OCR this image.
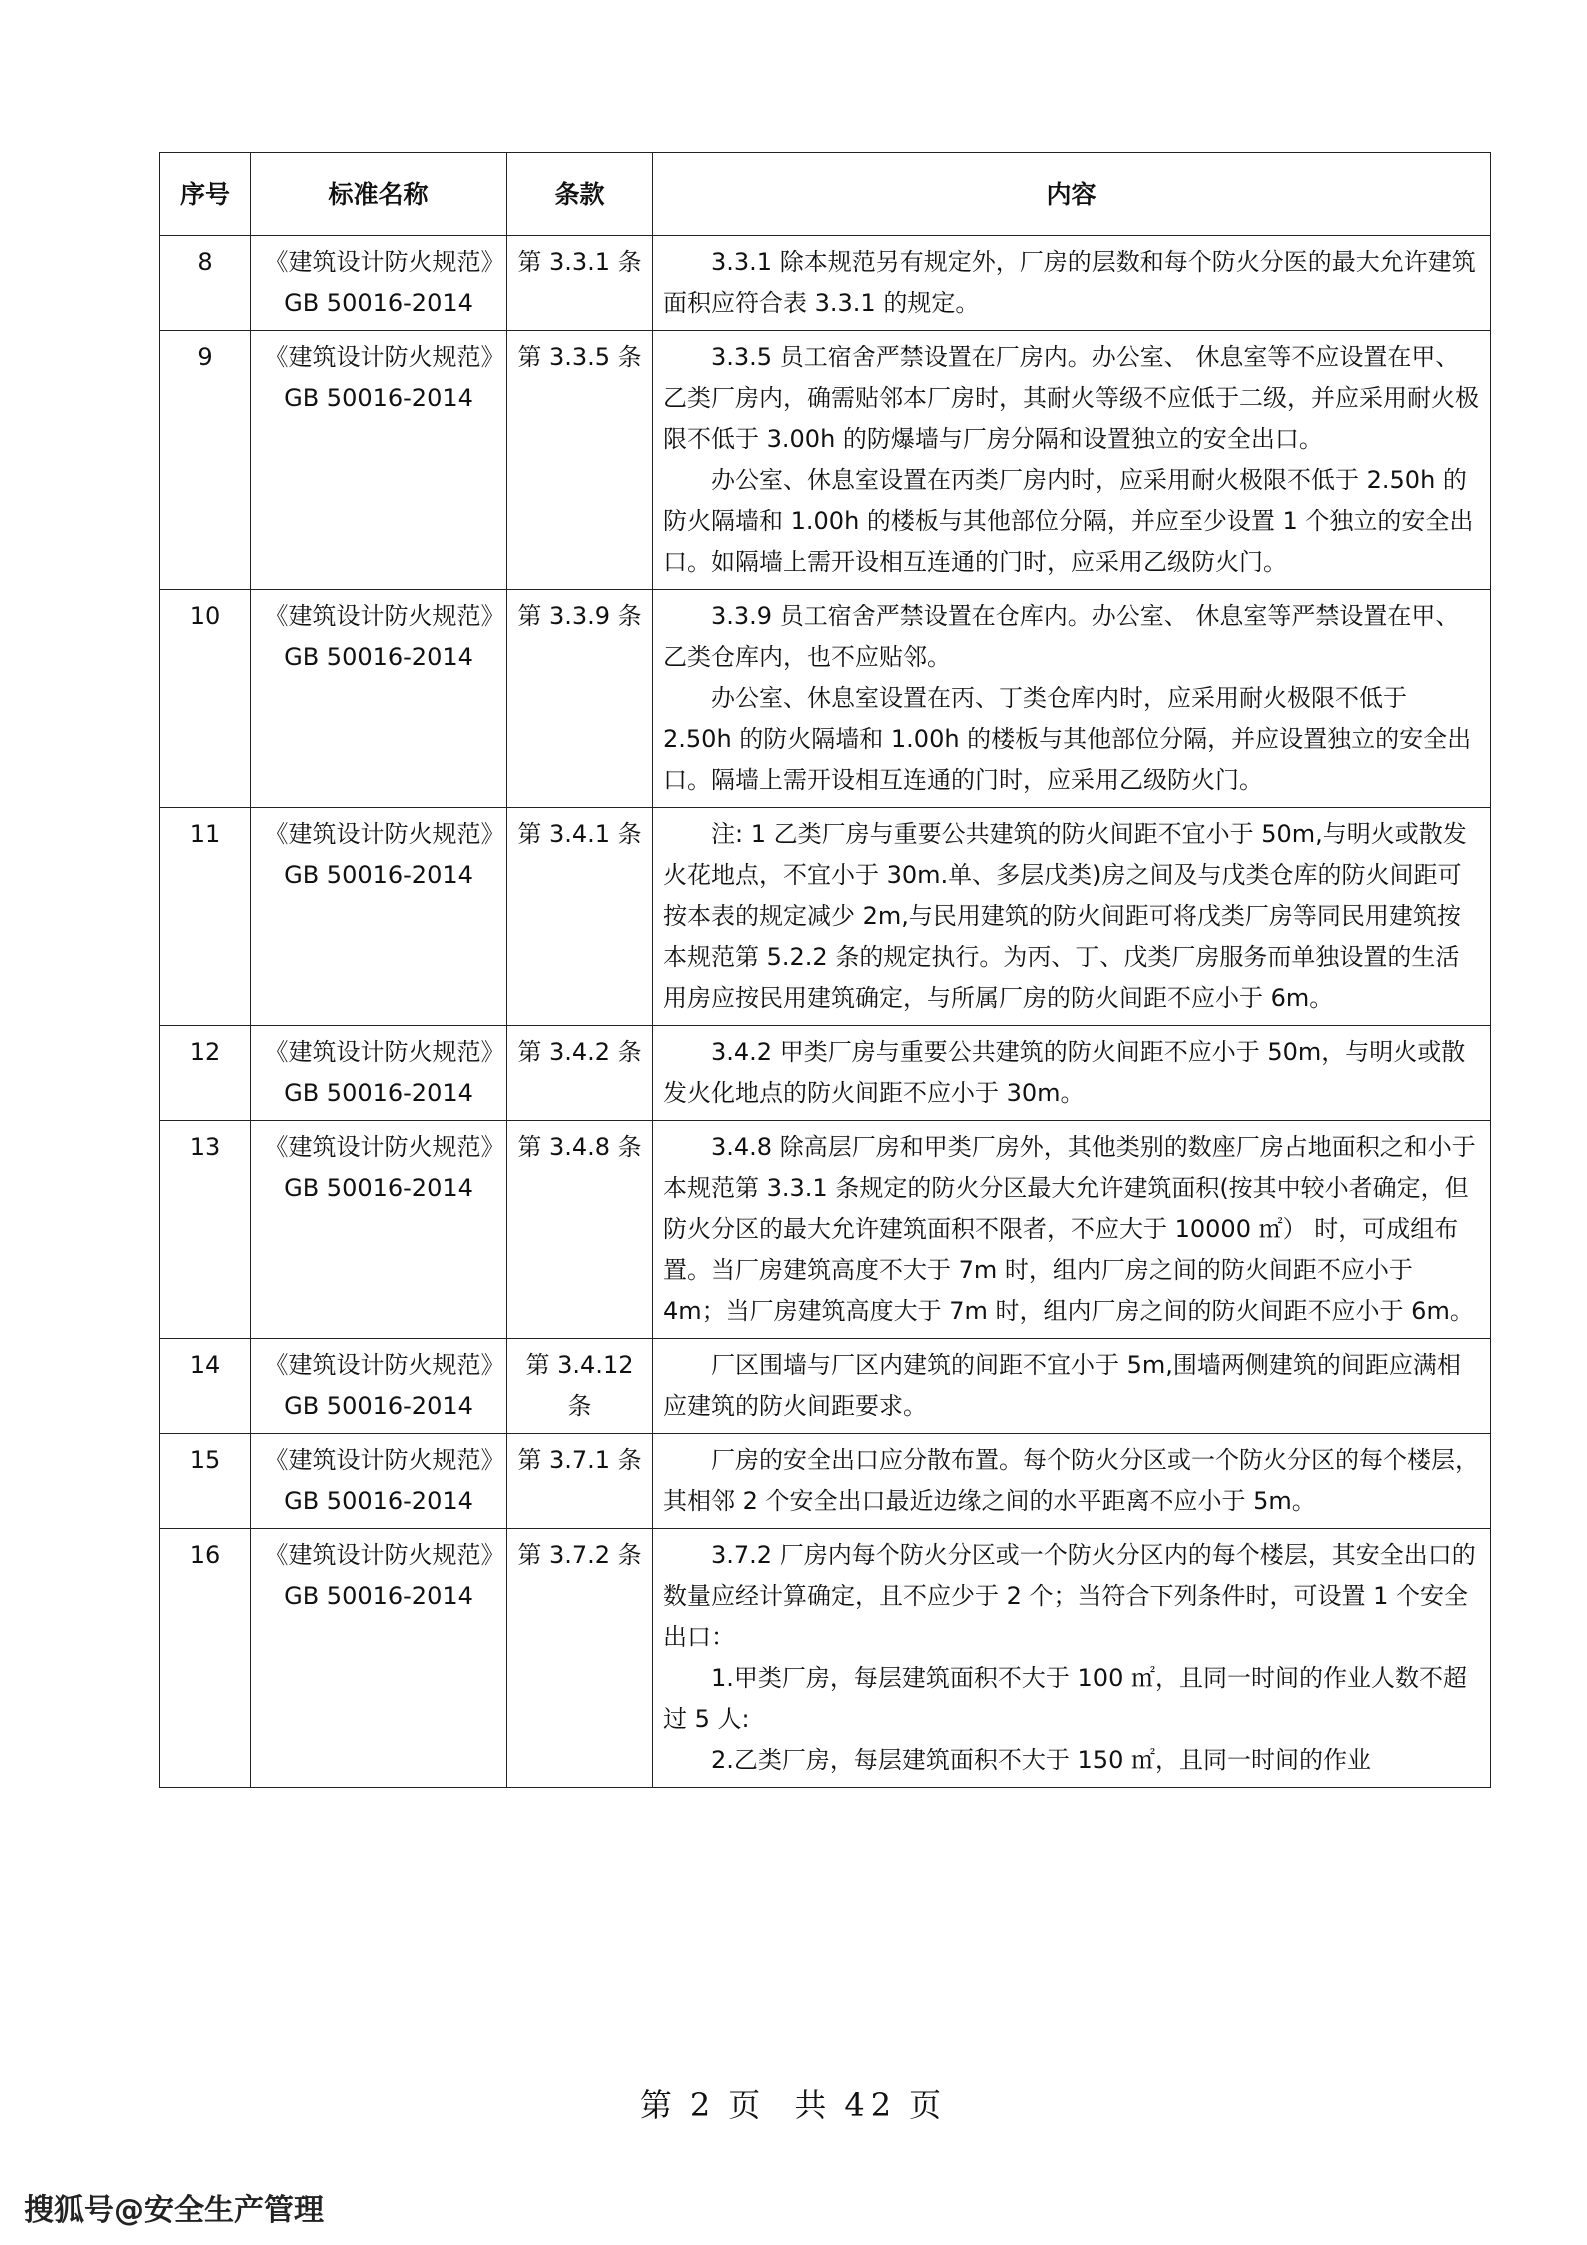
序号	标准名称	条款	内容
8	《建筑设计防火规范》GB 50016-2014	第 3.3.1 条	3.3.1 除本规范另有规定外，厂房的层数和每个防火分医的最大允许建筑面积应符合表 3.3.1 的规定。

9	《建筑设计防火规范》GB 50016-2014	第 3.3.5 条	3.3.5 员工宿舍严禁设置在厂房内。办公室、 休息室等不应设置在甲、乙类厂房内，确需贴邻本厂房时，其耐火等级不应低于二级，并应采用耐火极限不低于 3.00h 的防爆墙与厂房分隔和设置独立的安全出口。

办公室、休息室设置在丙类厂房内时，应采用耐火极限不低于 2.50h 的防火隔墙和 1.00h 的楼板与其他部位分隔，并应至少设置 1 个独立的安全出口。如隔墙上需开设相互连通的门时，应采用乙级防火门。

10	《建筑设计防火规范》GB 50016-2014	第 3.3.9 条	3.3.9 员工宿舍严禁设置在仓库内。办公室、 休息室等严禁设置在甲、乙类仓库内，也不应贴邻。

办公室、休息室设置在丙、丁类仓库内时，应采用耐火极限不低于 2.50h 的防火隔墙和 1.00h 的楼板与其他部位分隔，并应设置独立的安全出口。隔墙上需开设相互连通的门时，应采用乙级防火门。

11	《建筑设计防火规范》GB 50016-2014	第 3.4.1 条	注: 1 乙类厂房与重要公共建筑的防火间距不宜小于 50m,与明火或散发火花地点，不宜小于 30m.单、多层戊类)房之间及与戊类仓库的防火间距可按本表的规定减少 2m,与民用建筑的防火间距可将戊类厂房等同民用建筑按本规范第 5.2.2 条的规定执行。为丙、丁、戊类厂房服务而单独设置的生活用房应按民用建筑确定，与所属厂房的防火间距不应小于 6m。

12	《建筑设计防火规范》GB 50016-2014	第 3.4.2 条	3.4.2 甲类厂房与重要公共建筑的防火间距不应小于 50m，与明火或散发火化地点的防火间距不应小于 30m。

13	《建筑设计防火规范》GB 50016-2014	第 3.4.8 条	3.4.8 除高层厂房和甲类厂房外，其他类别的数座厂房占地面积之和小于本规范第 3.3.1 条规定的防火分区最大允许建筑面积(按其中较小者确定，但防火分区的最大允许建筑面积不限者，不应大于 10000 ㎡） 时，可成组布置。当厂房建筑高度不大于 7m 时，组内厂房之间的防火间距不应小于 4m；当厂房建筑高度大于 7m 时，组内厂房之间的防火间距不应小于 6m。

14	《建筑设计防火规范》GB 50016-2014	第 3.4.12 条	厂区围墙与厂区内建筑的间距不宜小于 5m,围墙两侧建筑的间距应满相应建筑的防火间距要求。

15	《建筑设计防火规范》GB 50016-2014	第 3.7.1 条	厂房的安全出口应分散布置。每个防火分区或一个防火分区的每个楼层，其相邻 2 个安全出口最近边缘之间的水平距离不应小于 5m。

16	《建筑设计防火规范》GB 50016-2014	第 3.7.2 条	3.7.2 厂房内每个防火分区或一个防火分区内的每个楼层，其安全出口的数量应经计算确定，且不应少于 2 个；当符合下列条件时，可设置 1 个安全出口：

1.甲类厂房，每层建筑面积不大于 100 ㎡，且同一时间的作业人数不超过 5 人:

2.乙类厂房，每层建筑面积不大于 150 ㎡，且同一时间的作业

第 2 页 共 42 页
搜狐号@安全生产管理
